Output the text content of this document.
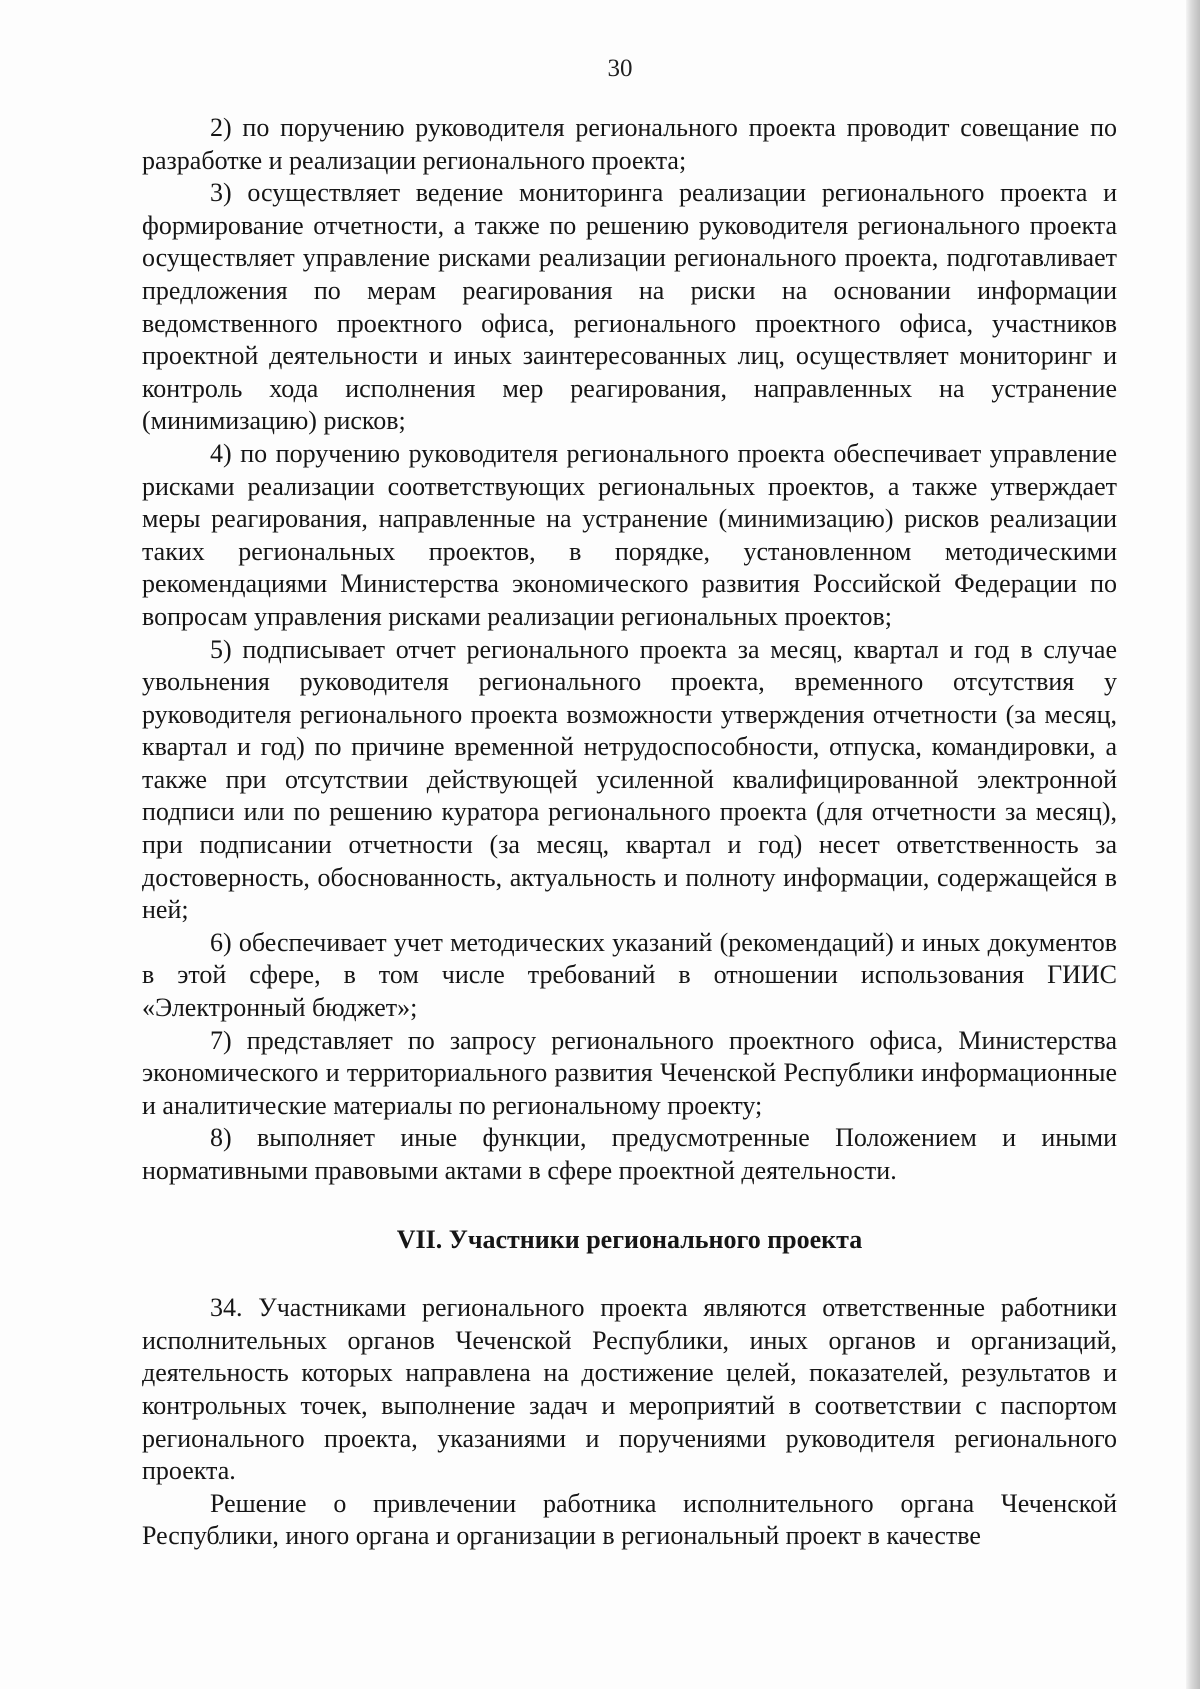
30

2) по поручению руководителя регионального проекта проводит совещание по разработке и реализации регионального проекта;

3) осуществляет ведение мониторинга реализации регионального проекта и формирование отчетности, а также по решению руководителя регионального проекта осуществляет управление рисками реализации регионального проекта, подготавливает предложения по мерам реагирования на риски на основании информации ведомственного проектного офиса, регионального проектного офиса, участников проектной деятельности и иных заинтересованных лиц, осуществляет мониторинг и контроль хода исполнения мер реагирования, направленных на устранение (минимизацию) рисков;

4) по поручению руководителя регионального проекта обеспечивает управление рисками реализации соответствующих региональных проектов, а также утверждает меры реагирования, направленные на устранение (минимизацию) рисков реализации таких региональных проектов, в порядке, установленном методическими рекомендациями Министерства экономического развития Российской Федерации по вопросам управления рисками реализации региональных проектов;

5) подписывает отчет регионального проекта за месяц, квартал и год в случае увольнения руководителя регионального проекта, временного отсутствия у руководителя регионального проекта возможности утверждения отчетности (за месяц, квартал и год) по причине временной нетрудоспособности, отпуска, командировки, а также при отсутствии действующей усиленной квалифицированной электронной подписи или по решению куратора регионального проекта (для отчетности за месяц), при подписании отчетности (за месяц, квартал и год) несет ответственность за достоверность, обоснованность, актуальность и полноту информации, содержащейся в ней;

6) обеспечивает учет методических указаний (рекомендаций) и иных документов в этой сфере, в том числе требований в отношении использования ГИИС «Электронный бюджет»;

7) представляет по запросу регионального проектного офиса, Министерства экономического и территориального развития Чеченской Республики информационные и аналитические материалы по региональному проекту;

8) выполняет иные функции, предусмотренные Положением и иными нормативными правовыми актами в сфере проектной деятельности.

VII. Участники регионального проекта

34. Участниками регионального проекта являются ответственные работники исполнительных органов Чеченской Республики, иных органов и организаций, деятельность которых направлена на достижение целей, показателей, результатов и контрольных точек, выполнение задач и мероприятий в соответствии с паспортом регионального проекта, указаниями и поручениями руководителя регионального проекта.

Решение о привлечении работника исполнительного органа Чеченской Республики, иного органа и организации в региональный проект в качестве
